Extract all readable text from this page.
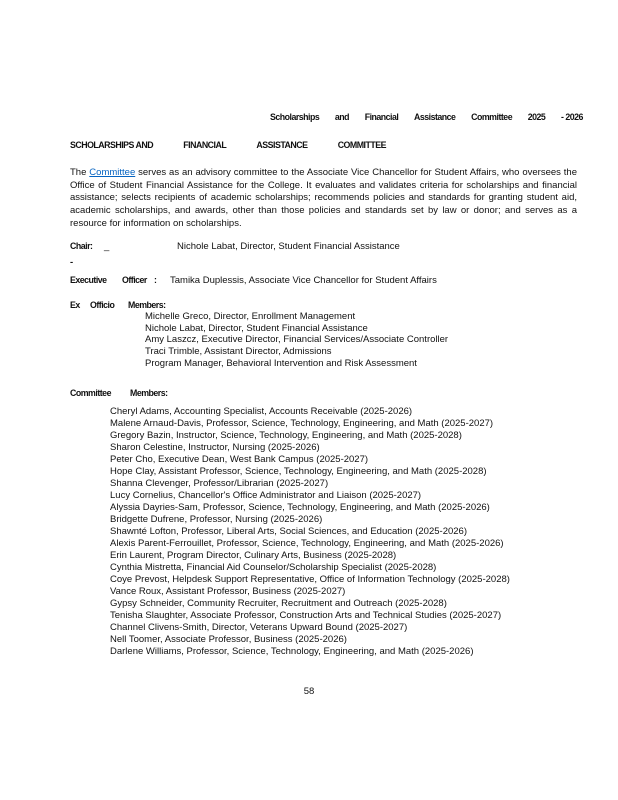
Scholarships and Financial Assistance Committee 2025 - 2026
SCHOLARSHIPS AND	FINANCIAL	ASSISTANCE	COMMITTEE
The Committee serves as an advisory committee to the Associate Vice Chancellor for Student Affairs, who oversees the Office of Student Financial Assistance for the College. It evaluates and validates criteria for scholarships and financial assistance; selects recipients of academic scholarships; recommends policies and standards for granting student aid, academic scholarships, and awards, other than those policies and standards set by law or donor; and serves as a resource for information on scholarships.
Chair: _	Nichole Labat, Director, Student Financial Assistance
-
Executive Officer : Tamika Duplessis, Associate Vice Chancellor for Student Affairs
Ex Officio Members:
Michelle Greco, Director, Enrollment Management
Nichole Labat, Director, Student Financial Assistance
Amy Laszcz, Executive Director, Financial Services/Associate Controller
Traci Trimble, Assistant Director, Admissions
Program Manager, Behavioral Intervention and Risk Assessment
Committee Members:
Cheryl Adams, Accounting Specialist, Accounts Receivable (2025-2026)
Malene Arnaud-Davis, Professor, Science, Technology, Engineering, and Math (2025-2027)
Gregory Bazin, Instructor, Science, Technology, Engineering, and Math (2025-2028)
Sharon Celestine, Instructor, Nursing (2025-2026)
Peter Cho, Executive Dean, West Bank Campus (2025-2027)
Hope Clay, Assistant Professor, Science, Technology, Engineering, and Math (2025-2028)
Shanna Clevenger, Professor/Librarian (2025-2027)
Lucy Cornelius, Chancellor's Office Administrator and Liaison (2025-2027)
Alyssia Dayries-Sam, Professor, Science, Technology, Engineering, and Math (2025-2026)
Bridgette Dufrene, Professor, Nursing (2025-2026)
Shawnté Lofton, Professor, Liberal Arts, Social Sciences, and Education (2025-2026)
Alexis Parent-Ferrouillet, Professor, Science, Technology, Engineering, and Math (2025-2026)
Erin Laurent, Program Director, Culinary Arts, Business (2025-2028)
Cynthia Mistretta, Financial Aid Counselor/Scholarship Specialist (2025-2028)
Coye Prevost, Helpdesk Support Representative, Office of Information Technology (2025-2028)
Vance Roux, Assistant Professor, Business (2025-2027)
Gypsy Schneider, Community Recruiter, Recruitment and Outreach (2025-2028)
Tenisha Slaughter, Associate Professor, Construction Arts and Technical Studies (2025-2027)
Channel Clivens-Smith, Director, Veterans Upward Bound (2025-2027)
Nell Toomer, Associate Professor, Business (2025-2026)
Darlene Williams, Professor, Science, Technology, Engineering, and Math (2025-2026)
58
